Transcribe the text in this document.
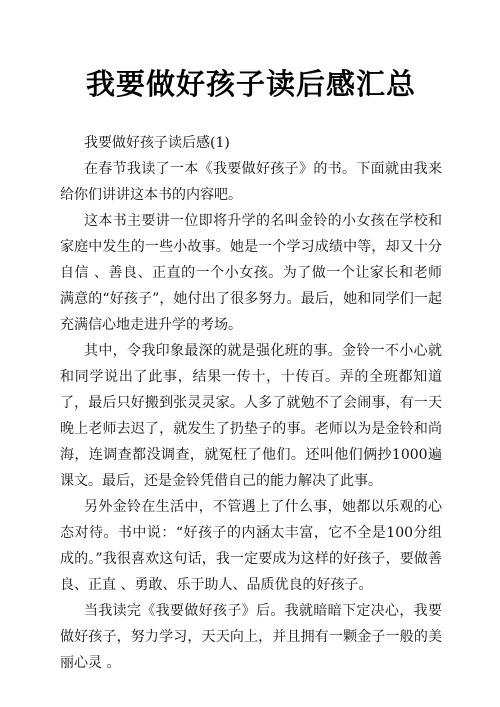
我要做好孩子读后感汇总

我要做好孩子读后感(1)

在春节我读了一本《我要做好孩子》的书。下面就由我来给你们讲讲这本书的内容吧。

这本书主要讲一位即将升学的名叫金铃的小女孩在学校和家庭中发生的一些小故事。她是一个学习成绩中等，却又十分自信 、善良、正直的一个小女孩。为了做一个让家长和老师满意的“好孩子”，她付出了很多努力。最后，她和同学们一起充满信心地走进升学的考场。

其中，令我印象最深的就是强化班的事。金铃一不小心就和同学说出了此事，结果一传十，十传百。弄的全班都知道了，最后只好搬到张灵灵家。人多了就勉不了会闹事，有一天晚上老师去迟了，就发生了扔垫子的事。老师以为是金铃和尚海，连调查都没调查，就冤枉了他们。还叫他们俩抄1000遍课文。最后，还是金铃凭借自己的能力解决了此事。

另外金铃在生活中，不管遇上了什么事，她都以乐观的心态对待。书中说：“好孩子的内涵太丰富，它不全是100分组成的。”我很喜欢这句话，我一定要成为这样的好孩子，要做善良、正直 、勇敢、乐于助人、品质优良的好孩子。

当我读完《我要做好孩子》后。我就暗暗下定决心，我要做好孩子，努力学习，天天向上，并且拥有一颗金子一般的美丽心灵 。
